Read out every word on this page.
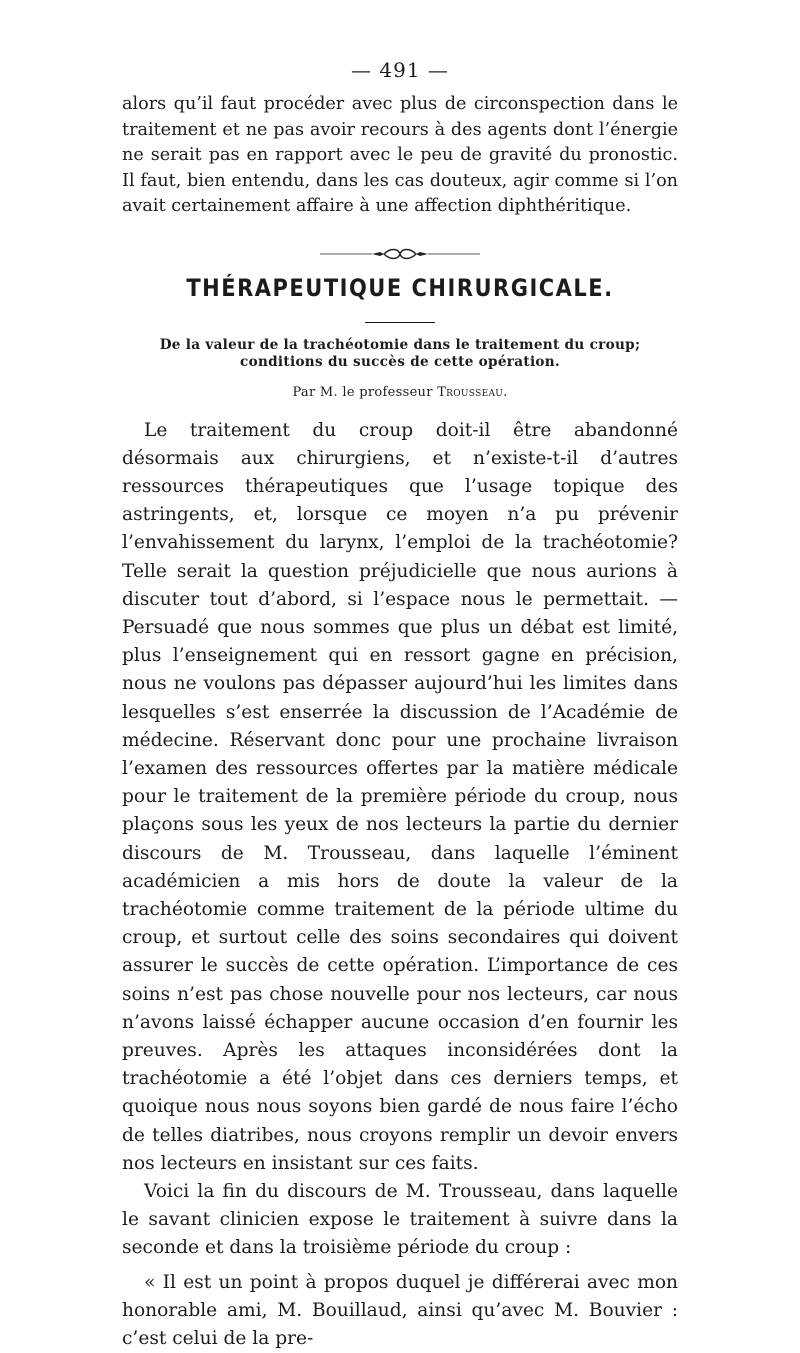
— 491 —

alors qu’il faut procéder avec plus de circonspection dans le traitement et ne pas avoir recours à des agents dont l’énergie ne serait pas en rapport avec le peu de gravité du pronostic. Il faut, bien entendu, dans les cas douteux, agir comme si l’on avait certainement affaire à une affection diphthéritique.

THÉRAPEUTIQUE CHIRURGICALE.
De la valeur de la trachéotomie dans le traitement du croup;
conditions du succès de cette opération.
Par M. le professeur Trousseau.

Le traitement du croup doit-il être abandonné désormais aux chirurgiens, et n’existe-t-il d’autres ressources thérapeutiques que l’usage topique des astringents, et, lorsque ce moyen n’a pu prévenir l’envahissement du larynx, l’emploi de la trachéotomie? Telle serait la question préjudicielle que nous aurions à discuter tout d’abord, si l’espace nous le permettait. — Persuadé que nous sommes que plus un débat est limité, plus l’enseignement qui en ressort gagne en précision, nous ne voulons pas dépasser aujourd’hui les limites dans lesquelles s’est enserrée la discussion de l’Académie de médecine. Réservant donc pour une prochaine livraison l’examen des ressources offertes par la matière médicale pour le traitement de la première période du croup, nous plaçons sous les yeux de nos lecteurs la partie du dernier discours de M. Trousseau, dans laquelle l’éminent académicien a mis hors de doute la valeur de la trachéotomie comme traitement de la période ultime du croup, et surtout celle des soins secondaires qui doivent assurer le succès de cette opération. L’importance de ces soins n’est pas chose nouvelle pour nos lecteurs, car nous n’avons laissé échapper aucune occasion d’en fournir les preuves. Après les attaques inconsidérées dont la trachéotomie a été l’objet dans ces derniers temps, et quoique nous nous soyons bien gardé de nous faire l’écho de telles diatribes, nous croyons remplir un devoir envers nos lecteurs en insistant sur ces faits.

Voici la fin du discours de M. Trousseau, dans laquelle le savant clinicien expose le traitement à suivre dans la seconde et dans la troisième période du croup :

« Il est un point à propos duquel je différerai avec mon honorable ami, M. Bouillaud, ainsi qu’avec M. Bouvier : c’est celui de la pre-
